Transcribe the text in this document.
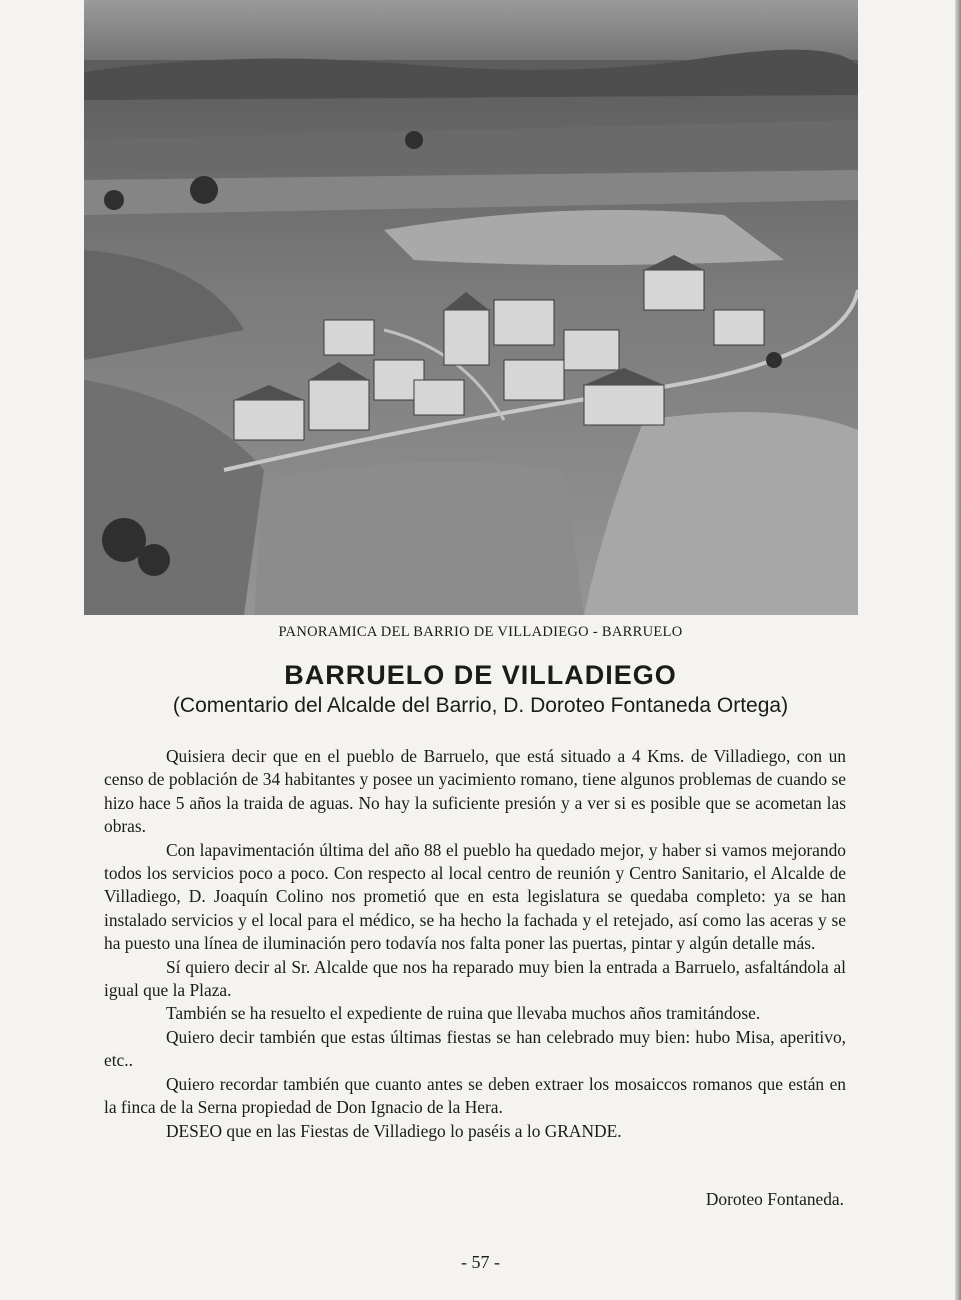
PANORAMICA DEL BARRIO DE VILLADIEGO - BARRUELO
BARRUELO DE VILLADIEGO
(Comentario del Alcalde del Barrio, D. Doroteo Fontaneda Ortega)

Quisiera decir que en el pueblo de Barruelo, que está situado a 4 Kms. de Villadiego, con un censo de población de 34 habitantes y posee un yacimiento romano, tiene algunos problemas de cuando se hizo hace 5 años la traida de aguas. No hay la suficiente presión y a ver si es posible que se acometan las obras.

Con lapavimentación última del año 88 el pueblo ha quedado mejor, y haber si vamos mejorando todos los servicios poco a poco. Con respecto al local centro de reunión y Centro Sanitario, el Alcalde de Villadiego, D. Joaquín Colino nos prometió que en esta legislatura se quedaba completo: ya se han instalado servicios y el local para el médico, se ha hecho la fachada y el retejado, así como las aceras y se ha puesto una línea de iluminación pero todavía nos falta poner las puertas, pintar y algún detalle más.

Sí quiero decir al Sr. Alcalde que nos ha reparado muy bien la entrada a Barruelo, asfaltándola al igual que la Plaza.

También se ha resuelto el expediente de ruina que llevaba muchos años tramitándose.

Quiero decir también que estas últimas fiestas se han celebrado muy bien: hubo Misa, aperitivo, etc..

Quiero recordar también que cuanto antes se deben extraer los mosaiccos romanos que están en la finca de la Serna propiedad de Don Ignacio de la Hera.

DESEO que en las Fiestas de Villadiego lo paséis a lo GRANDE.

Doroteo Fontaneda.
- 57 -
